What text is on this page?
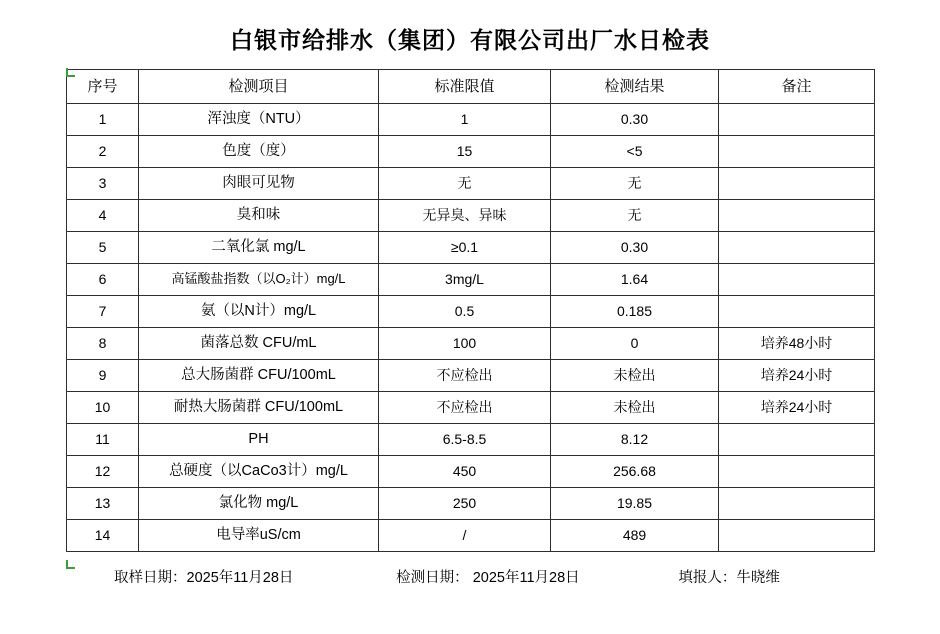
白银市给排水（集团）有限公司出厂水日检表
序号	检测项目	标准限值	检测结果	备注
1	浑浊度（NTU）	1	0.30	
2	色度（度）	15	<5	
3	肉眼可见物	无	无	
4	臭和味	无异臭、异味	无	
5	二氧化氯 mg/L	≥0.1	0.30	
6	高锰酸盐指数（以O₂计）mg/L	3mg/L	1.64	
7	氨（以N计）mg/L	0.5	0.185	
8	菌落总数 CFU/mL	100	0	培养48小时
9	总大肠菌群 CFU/100mL	不应检出	未检出	培养24小时
10	耐热大肠菌群 CFU/100mL	不应检出	未检出	培养24小时
11	PH	6.5-8.5	8.12	
12	总硬度（以CaCo3计）mg/L	450	256.68	
13	氯化物 mg/L	250	19.85	
14	电导率uS/cm	/	489	
取样日期：2025年11月28日	检测日期： 2025年11月28日	填报人：牛晓维
